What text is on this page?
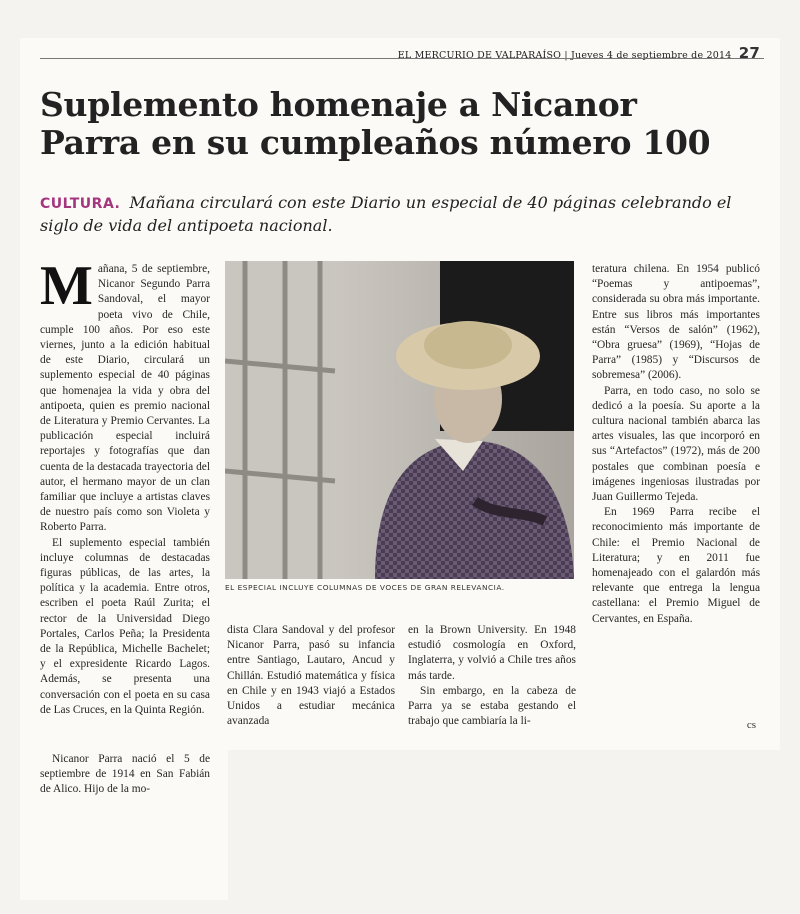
EL MERCURIO DE VALPARAÍSO | Jueves 4 de septiembre de 2014 27
Suplemento homenaje a Nicanor Parra en su cumpleaños número 100
CULTURA. Mañana circulará con este Diario un especial de 40 páginas celebrando el siglo de vida del antipoeta nacional.

Mañana, 5 de septiembre, Nicanor Segundo Parra Sandoval, el mayor poeta vivo de Chile, cumple 100 años. Por eso este viernes, junto a la edición habitual de este Diario, circulará un suplemento especial de 40 páginas que homenajea la vida y obra del antipoeta, quien es premio nacional de Literatura y Premio Cervantes. La publicación especial incluirá reportajes y fotografías que dan cuenta de la destacada trayectoria del autor, el hermano mayor de un clan familiar que incluye a artistas claves de nuestro país como son Violeta y Roberto Parra.

El suplemento especial también incluye columnas de destacadas figuras públicas, de las artes, la política y la academia. Entre otros, escriben el poeta Raúl Zurita; el rector de la Universidad Diego Portales, Carlos Peña; la Presidenta de la República, Michelle Bachelet; y el expresidente Ricardo Lagos. Además, se presenta una conversación con el poeta en su casa de Las Cruces, en la Quinta Región.

Nicanor Parra nació el 5 de septiembre de 1914 en San Fabián de Alico. Hijo de la mo-

EL ESPECIAL INCLUYE COLUMNAS DE VOCES DE GRAN RELEVANCIA.

dista Clara Sandoval y del profesor Nicanor Parra, pasó su infancia entre Santiago, Lautaro, Ancud y Chillán. Estudió matemática y física en Chile y en 1943 viajó a Estados Unidos a estudiar mecánica avanzada

en la Brown University. En 1948 estudió cosmología en Oxford, Inglaterra, y volvió a Chile tres años más tarde.

Sin embargo, en la cabeza de Parra ya se estaba gestando el trabajo que cambiaría la li-

teratura chilena. En 1954 publicó “Poemas y antipoemas”, considerada su obra más importante. Entre sus libros más importantes están “Versos de salón” (1962), “Obra gruesa” (1969), “Hojas de Parra” (1985) y “Discursos de sobremesa” (2006).

Parra, en todo caso, no solo se dedicó a la poesía. Su aporte a la cultura nacional también abarca las artes visuales, las que incorporó en sus “Artefactos” (1972), más de 200 postales que combinan poesía e imágenes ingeniosas ilustradas por Juan Guillermo Tejeda.

En 1969 Parra recibe el reconocimiento más importante de Chile: el Premio Nacional de Literatura; y en 2011 fue homenajeado con el galardón más relevante que entrega la lengua castellana: el Premio Miguel de Cervantes, en España.

cs
